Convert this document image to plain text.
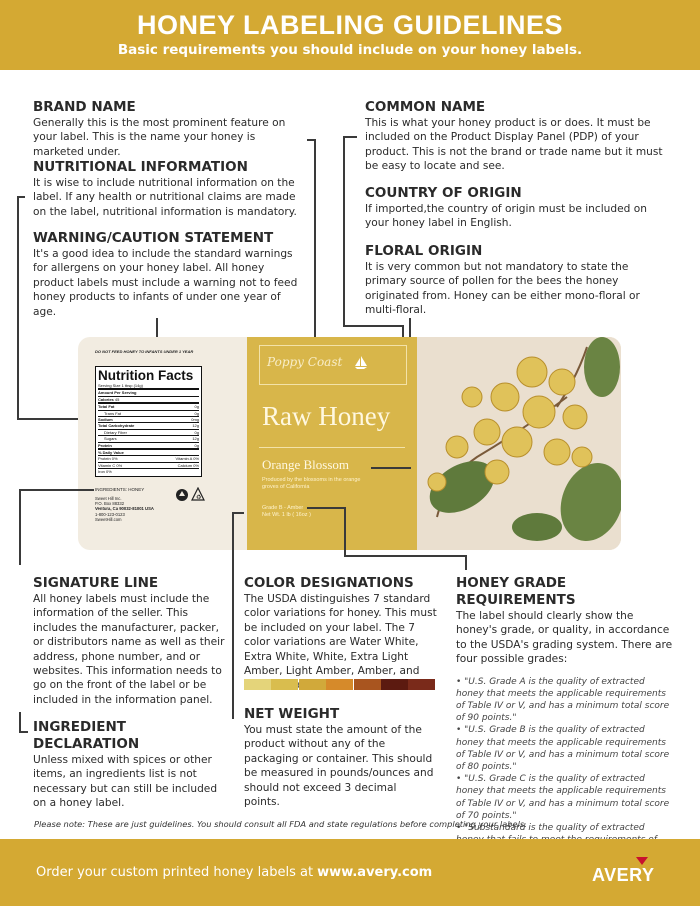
HONEY LABELING GUIDELINES
Basic requirements you should include on your honey labels.
BRAND NAME

Generally this is the most prominent feature on your label. This is the name your honey is marketed under.

NUTRITIONAL INFORMATION

It is wise to include nutritional information on the label. If any health or nutritional claims are made on the label, nutritional information is mandatory.

WARNING/CAUTION STATEMENT

It's a good idea to include the standard warnings for allergens on your honey label. All honey product labels must include a warning not to feed honey products to infants of under one year of age.

COMMON NAME

This is what your honey product is or does. It must be included on the Product Display Panel (PDP) of your product. This is not the brand or trade name but it must be easy to locate and see.

COUNTRY OF ORIGIN

If imported,the country of origin must be included on your honey label in English.

FLORAL ORIGIN

It is very common but not mandatory to state the primary source of pollen for the bees the honey originated from. Honey can be either mono-floral or multi-floral.

DO NOT FEED HONEY TO INFANTS UNDER 1 YEAR
Nutrition Facts
Serving Size 1 tbsp (14g)
Amount Per Serving
Calories 45
Total Fat	0g
Trans Fat	0g
Sodium	0mg
Total Carbohydrate	12g
Dietary Fiber	0g
Sugars	12g
Protein	0g
% Daily Value
Protein 0%	Vitamin A 0%
Vitamin C 0%	Calcium 0%
Iron 0%
INGREDIENTS: HONEY
Sweet Hill Inc.
P.O. Box 88332
Ventura, Ca 90032-81001 USA
1-800-123-0123
SweetHill.com
♻
Poppy Coast
Raw Honey
Orange Blossom
Produced by the blossoms in the orange groves of California
Grade B - Amber
Net Wt. 1 lb ( 16oz )
SIGNATURE LINE

All honey labels must include the information of the seller. This includes the manufacturer, packer, or distributors name as well as their address, phone number, and or websites. This information needs to go on the front of the label or be included in the information panel.

INGREDIENT DECLARATION

Unless mixed with spices or other items, an ingredients list is not necessary but can still be included on a honey label.

COLOR DESIGNATIONS

The USDA distinguishes 7 standard color variations for honey. This must be included on your label. The 7 color variations are Water White, Extra White, White, Extra Light Amber, Light Amber, Amber, and

NET WEIGHT

You must state the amount of the product without any of the packaging or container. This should be measured in pounds/ounces and should not exceed 3 decimal points.

HONEY GRADE REQUIREMENTS

The label should clearly show the honey's grade, or quality, in accordance to the USDA's grading system. There are four possible grades:

• "U.S. Grade A is the quality of extracted honey that meets the applicable requirements of Table IV or V, and has a minimum total score of 90 points."

• "U.S. Grade B is the quality of extracted honey that meets the applicable requirements of Table IV or V, and has a minimum total score of 80 points."

• "U.S. Grade C is the quality of extracted honey that meets the applicable requirements of Table IV or V, and has a minimum total score of 70 points."

• "Substandard is the quality of extracted

Please note: These are just guidelines. You should consult all FDA and state regulations before completing your labels.
Order your custom printed honey labels at www.avery.com	AVERY
